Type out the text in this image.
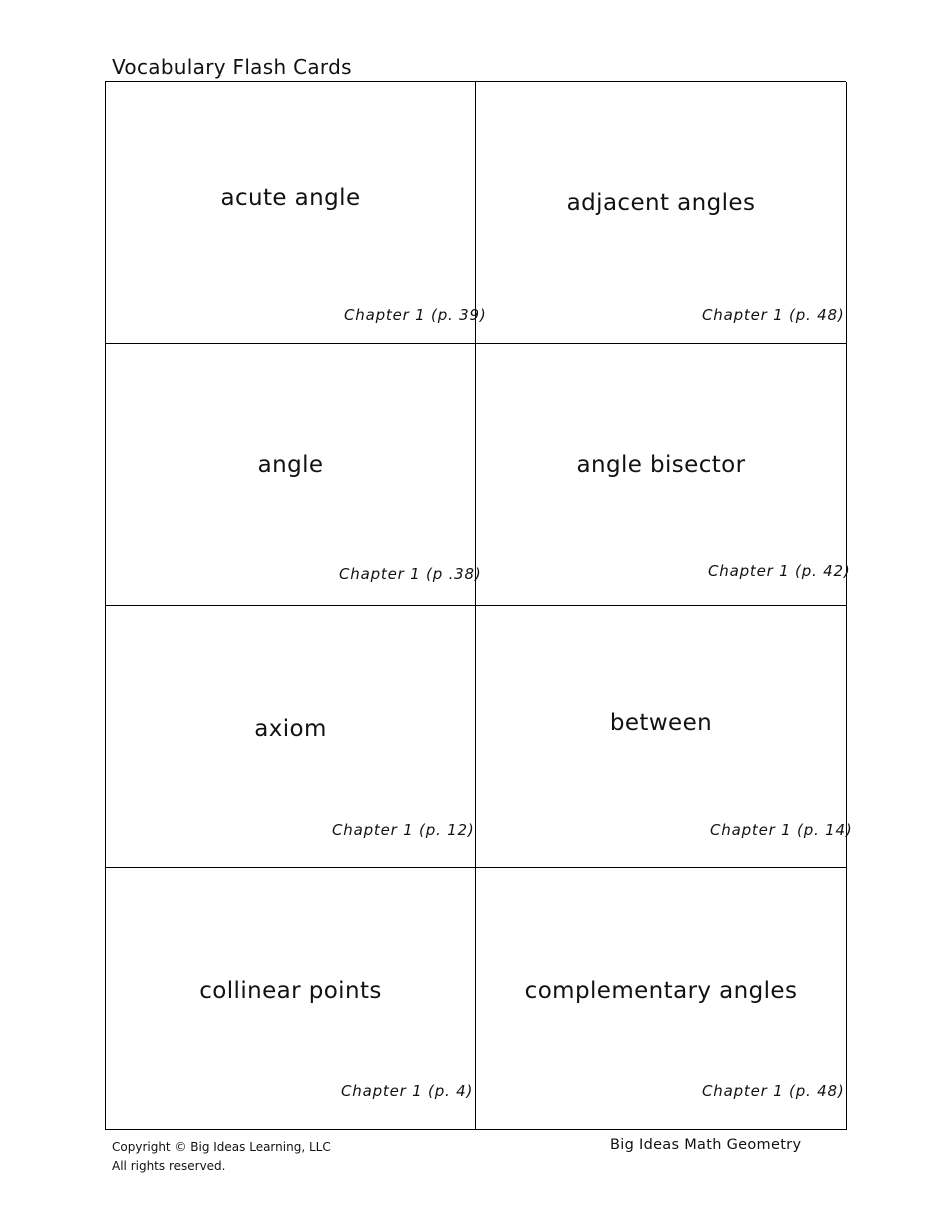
Vocabulary Flash Cards
acute angle
Chapter 1 (p. 39)
adjacent angles
Chapter 1 (p. 48)
angle
Chapter 1 (p .38)
angle bisector
Chapter 1 (p. 42)
axiom
Chapter 1 (p. 12)
between
Chapter 1 (p. 14)
collinear points
Chapter 1 (p. 4)
complementary angles
Chapter 1 (p. 48)
Copyright © Big Ideas Learning, LLC
All rights reserved.
Big Ideas Math Geometry
